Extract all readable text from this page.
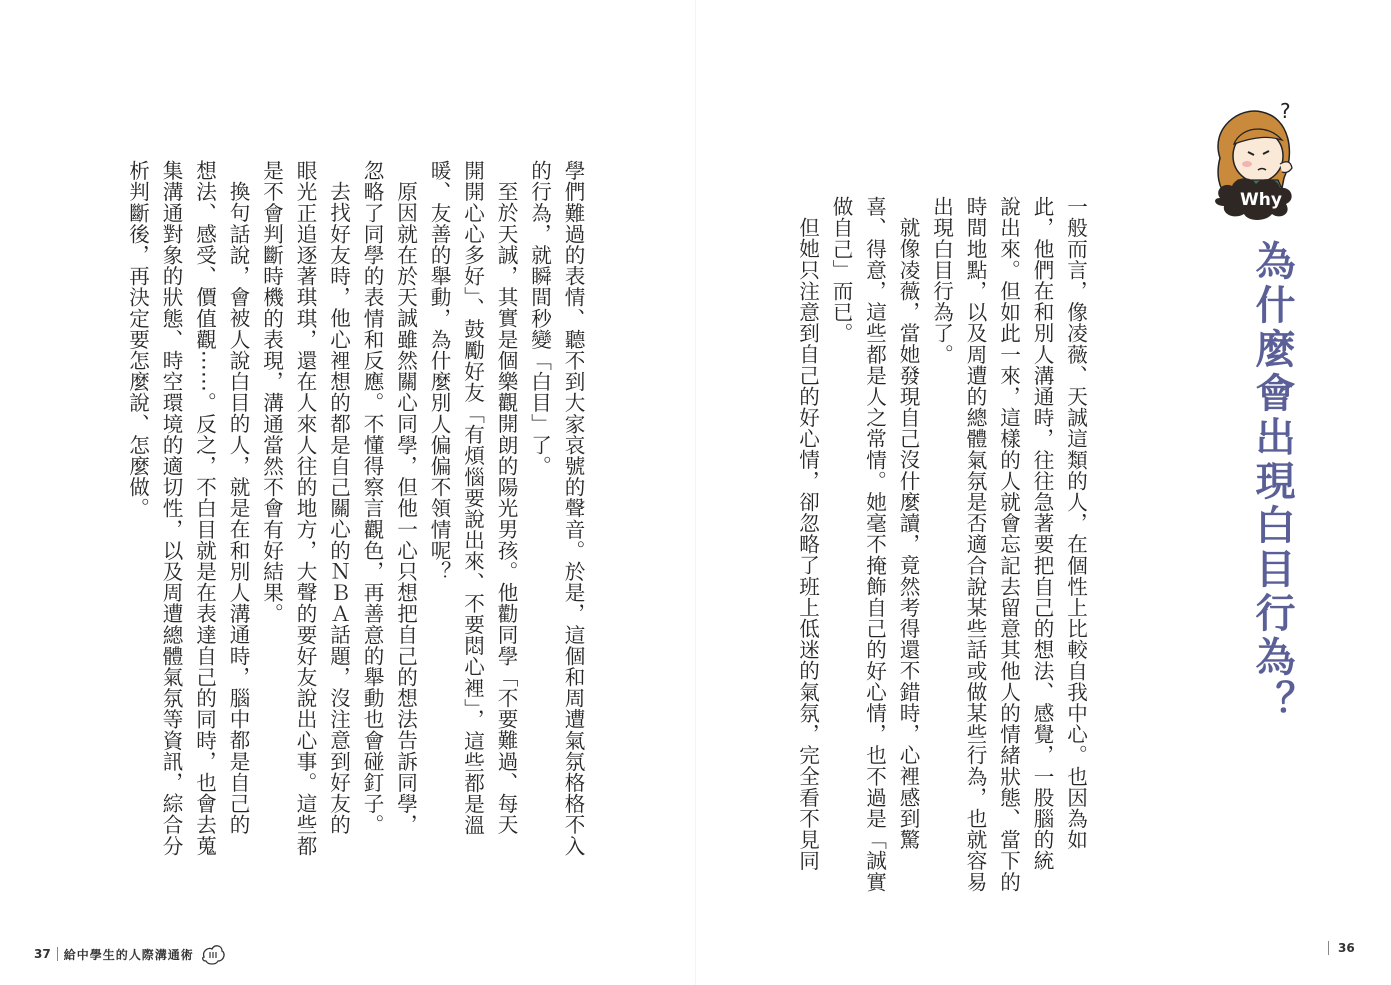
?
Why
為什麼會出現白目行為？

一般而言，像凌薇、天誠這類的人，在個性上比較自我中心。也因為如

此，他們在和別人溝通時，往往急著要把自己的想法、感覺，一股腦的統

說出來。但如此一來，這樣的人就會忘記去留意其他人的情緒狀態、當下的

時間地點，以及周遭的總體氣氛是否適合說某些話或做某些行為，也就容易

出現白目行為了。

就像凌薇，當她發現自己沒什麼讀，竟然考得還不錯時，心裡感到驚

喜、得意，這些都是人之常情。她毫不掩飾自己的好心情，也不過是「誠實

做自己」而已。

但她只注意到自己的好心情，卻忽略了班上低迷的氣氛，完全看不見同

學們難過的表情、聽不到大家哀號的聲音。於是，這個和周遭氣氛格格不入

的行為，就瞬間秒變「白目」了。

至於天誠，其實是個樂觀開朗的陽光男孩。他勸同學「不要難過、每天

開開心心多好」、鼓勵好友「有煩惱要說出來、不要悶心裡」，這些都是溫

暖、友善的舉動，為什麼別人偏偏不領情呢？

原因就在於天誠雖然關心同學，但他一心只想把自己的想法告訴同學，

忽略了同學的表情和反應。不懂得察言觀色，再善意的舉動也會碰釘子。

去找好友時，他心裡想的都是自己關心的ＮＢＡ話題，沒注意到好友的

眼光正追逐著琪琪，還在人來人往的地方，大聲的要好友說出心事。這些都

是不會判斷時機的表現，溝通當然不會有好結果。

換句話說，會被人說白目的人，就是在和別人溝通時，腦中都是自己的

想法、感受、價值觀⋯⋯。反之，不白目就是在表達自己的同時，也會去蒐

集溝通對象的狀態、時空環境的適切性，以及周遭總體氣氛等資訊，綜合分

析判斷後，再決定要怎麼說、怎麼做。

37 給中學生的人際溝通術	36
